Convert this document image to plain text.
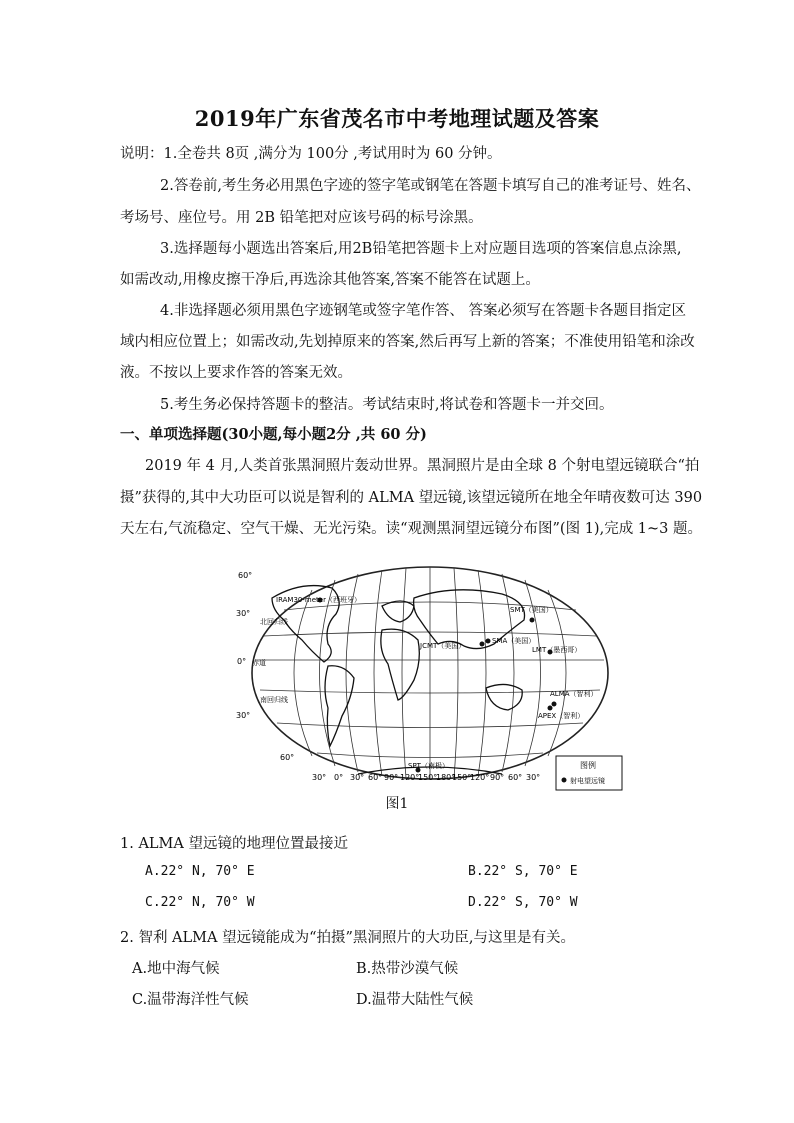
2019年广东省茂名市中考地理试题及答案
说明：1.全卷共 8页 ,满分为 100分 ,考试用时为 60 分钟。
2.答卷前,考生务必用黑色字迹的签字笔或钢笔在答题卡填写自己的准考证号、姓名、
考场号、座位号。用 2B 铅笔把对应该号码的标号涂黑。
3.选择题每小题选出答案后,用2B铅笔把答题卡上对应题目选项的答案信息点涂黑,
如需改动,用橡皮擦干净后,再选涂其他答案,答案不能答在试题上。
4.非选择题必须用黑色字迹钢笔或签字笔作答、 答案必须写在答题卡各题目指定区
域内相应位置上；如需改动,先划掉原来的答案,然后再写上新的答案；不准使用铅笔和涂改
液。不按以上要求作答的答案无效。
5.考生务必保持答题卡的整洁。考试结束时,将试卷和答题卡一并交回。
一、单项选择题(30小题,每小题2分 ,共 60 分)
2019 年 4 月,人类首张黑洞照片轰动世界。黑洞照片是由全球 8 个射电望远镜联合“拍
摄”获得的,其中大功臣可以说是智利的 ALMA 望远镜,该望远镜所在地全年晴夜数可达 390
天左右,气流稳定、空气干燥、无光污染。读“观测黑洞望远镜分布图”(图 1),完成 1~3 题。
60°
30°
0°
30°
60°
北回归线
赤道
南回归线
30° 0° 30° 60° 90° 120°
150°
180°
150°
120° 90° 60° 30°
IRAM30-meter（西班牙）
SMT（美国）
JCMT（美国）
SMA（美国）
LMT（墨西哥）
ALMA（智利）
APEX（智利）
SPT（南极）	图例
射电望远镜
图1
1. ALMA 望远镜的地理位置最接近
A.22° N, 70° E	B.22° S, 70° E
C.22° N, 70° W	D.22° S, 70° W
2. 智利 ALMA 望远镜能成为“拍摄”黑洞照片的大功臣,与这里是有关。
A.地中海气候	B.热带沙漠气候
C.温带海洋性气候	D.温带大陆性气候
